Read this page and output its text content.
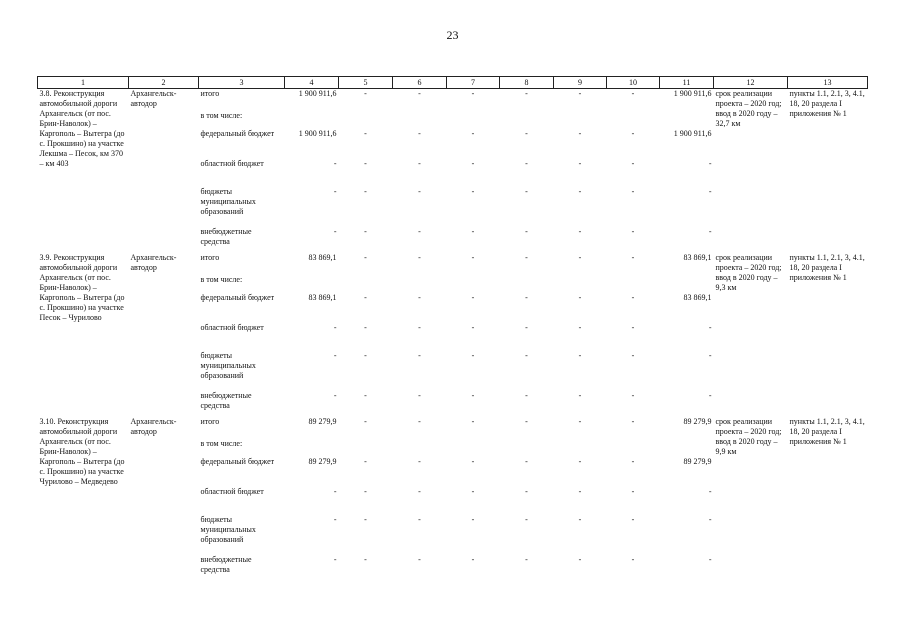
23
1	2	3	4	5	6	7	8	9	10	11	12	13
3.8. Реконструкция автомобильной дороги Архангельск (от пос. Брин-Наволок) – Каргополь – Вытегра (до с. Прокшино) на участке Лекшма – Песок, км 370 – км 403	Архангельск-автодор	итого	1 900 911,6	-	-	-	-	-	-	1 900 911,6	срок реализации проекта – 2020 год; ввод в 2020 году – 32,7 км	пункты 1.1, 2.1, 3, 4.1, 18, 20 раздела I приложения № 1
		в том числе:										
		федеральный бюджет	1 900 911,6	-	-	-	-	-	-	1 900 911,6		
		областной бюджет	-	-	-	-	-	-	-	-		
		бюджеты муниципальных образований	-	-	-	-	-	-	-	-		
		внебюджетные средства	-	-	-	-	-	-	-	-		
3.9. Реконструкция автомобильной дороги Архангельск (от пос. Брин-Наволок) – Каргополь – Вытегра (до с. Прокшино) на участке Песок – Чурилово	Архангельск-автодор	итого	83 869,1	-	-	-	-	-	-	83 869,1	срок реализации проекта – 2020 год; ввод в 2020 году – 9,3 км	пункты 1.1, 2.1, 3, 4.1, 18, 20 раздела I приложения № 1
		в том числе:										
		федеральный бюджет	83 869,1	-	-	-	-	-	-	83 869,1		
		областной бюджет	-	-	-	-	-	-	-	-		
		бюджеты муниципальных образований	-	-	-	-	-	-	-	-		
		внебюджетные средства	-	-	-	-	-	-	-	-		
3.10. Реконструкция автомобильной дороги Архангельск (от пос. Брин-Наволок) – Каргополь – Вытегра (до с. Прокшино) на участке Чурилово – Медведево	Архангельск-автодор	итого	89 279,9	-	-	-	-	-	-	89 279,9	срок реализации проекта – 2020 год; ввод в 2020 году – 9,9 км	пункты 1.1, 2.1, 3, 4.1, 18, 20 раздела I приложения № 1
		в том числе:										
		федеральный бюджет	89 279,9	-	-	-	-	-	-	89 279,9		
		областной бюджет	-	-	-	-	-	-	-	-		
		бюджеты муниципальных образований	-	-	-	-	-	-	-	-		
		внебюджетные средства	-	-	-	-	-	-	-	-		
